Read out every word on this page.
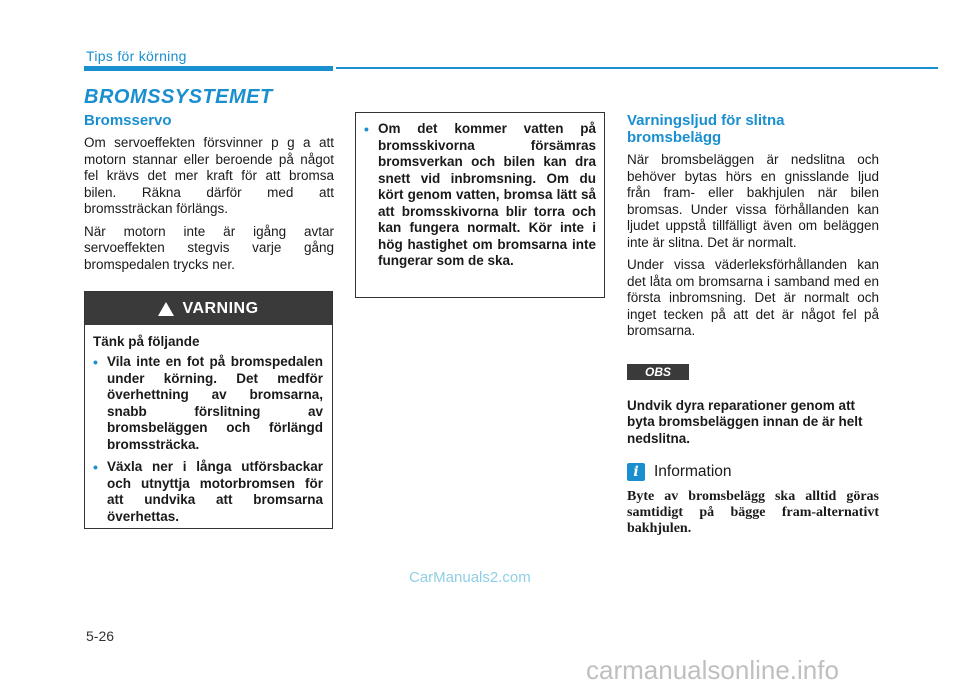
Tips för körning
BROMSSYSTEMET
Bromsservo

Om servoeffekten försvinner p g a att motorn stannar eller beroende på något fel krävs det mer kraft för att bromsa bilen. Räkna därför med att bromssträckan förlängs.

När motorn inte är igång avtar servoeffekten stegvis varje gång bromspedalen trycks ner.

VARNING
Tänk på följande
• Vila inte en fot på bromspedalen under körning. Det medför överhettning av bromsarna, snabb förslitning av bromsbeläggen och förlängd bromssträcka.
• Växla ner i långa utförsbackar och utnyttja motorbromsen för att undvika att bromsarna överhettas.
• Om det kommer vatten på bromsskivorna försämras bromsverkan och bilen kan dra snett vid inbromsning. Om du kört genom vatten, bromsa lätt så att bromsskivorna blir torra och kan fungera normalt. Kör inte i hög hastighet om bromsarna inte fungerar som de ska.
Varningsljud för slitna bromsbelägg

När bromsbeläggen är nedslitna och behöver bytas hörs en gnisslande ljud från fram- eller bakhjulen när bilen bromsas. Under vissa förhållanden kan ljudet uppstå tillfälligt även om beläggen inte är slitna. Det är normalt.

Under vissa väderleksförhållanden kan det låta om bromsarna i samband med en första inbromsning. Det är normalt och inget tecken på att det är något fel på bromsarna.

OBS

Undvik dyra reparationer genom att byta bromsbeläggen innan de är helt nedslitna.

i Information

Byte av bromsbelägg ska alltid göras samtidigt på bägge fram-alternativt bakhjulen.

CarManuals2.com
5-26
carmanualsonline.info
